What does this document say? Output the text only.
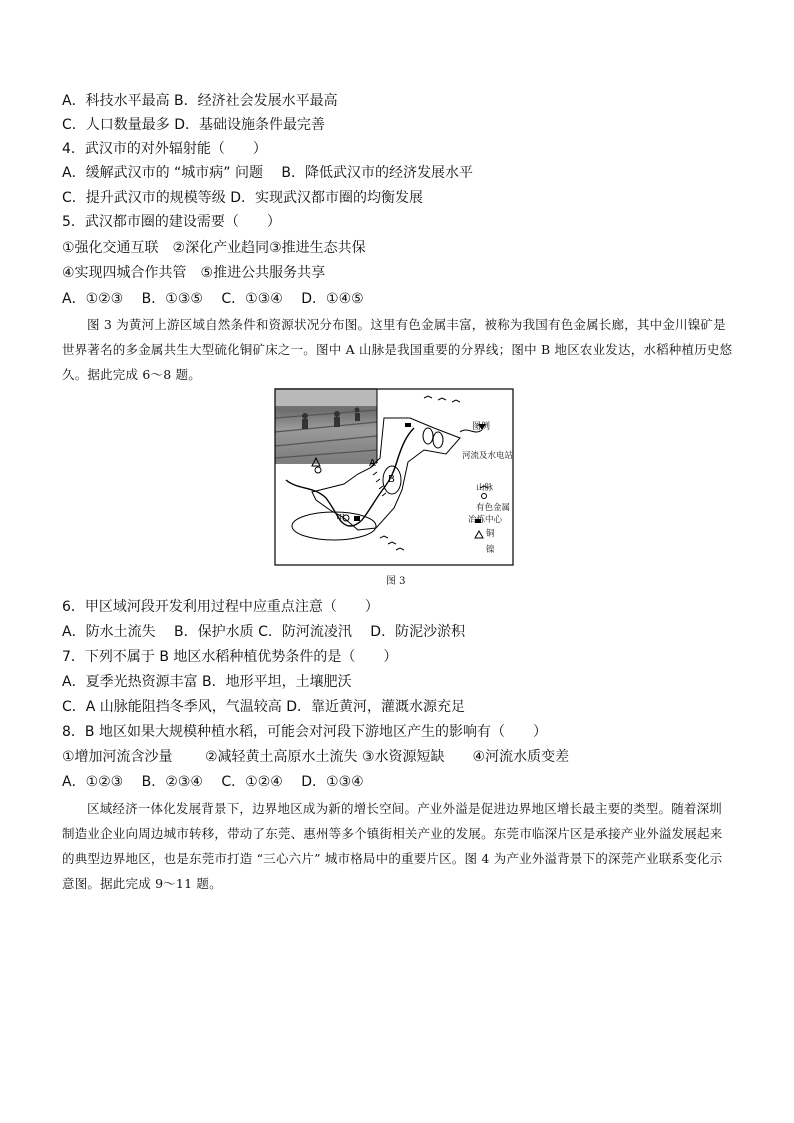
A．科技水平最高 B．经济社会发展水平最高
C．人口数量最多 D．基础设施条件最完善
4．武汉市的对外辐射能（　　）
A．缓解武汉市的 “城市病” 问题　 B．降低武汉市的经济发展水平
C．提升武汉市的规模等级 D．实现武汉都市圈的均衡发展
5．武汉都市圈的建设需要（　　）
①强化交通互联　②深化产业趋同③推进生态共保
④实现四城合作共管　⑤推进公共服务共享
A．①②③　 B．①③⑤　 C．①③④　 D．①④⑤
图 3 为黄河上游区域自然条件和资源状况分布图。这里有色金属丰富，被称为我国有色金属长廊，其中金川镍矿是世界著名的多金属共生大型硫化铜矿床之一。图中 A 山脉是我国重要的分界线；图中 B 地区农业发达，水稻种植历史悠久。据此完成 6～8 题。
A
B
甲
图例
河流及水电站
山脉
有色金属
冶炼中心
铜
镍
图 3
6．甲区域河段开发利用过程中应重点注意（　　）
A．防水土流失　 B．保护水质 C．防河流凌汛　 D．防泥沙淤积
7．下列不属于 B 地区水稻种植优势条件的是（　　）
A．夏季光热资源丰富 B．地形平坦，土壤肥沃
C．A 山脉能阻挡冬季风，气温较高 D．靠近黄河，灌溉水源充足
8．B 地区如果大规模种植水稻，可能会对河段下游地区产生的影响有（　　）
①增加河流含沙量　　 ②减轻黄土高原水土流失 ③水资源短缺　　④河流水质变差
A．①②③　 B．②③④　 C．①②④　 D．①③④
区域经济一体化发展背景下，边界地区成为新的增长空间。产业外溢是促进边界地区增长最主要的类型。随着深圳制造业企业向周边城市转移，带动了东莞、惠州等多个镇街相关产业的发展。东莞市临深片区是承接产业外溢发展起来的典型边界地区，也是东莞市打造 “三心六片” 城市格局中的重要片区。图 4 为产业外溢背景下的深莞产业联系变化示意图。据此完成 9～11 题。
